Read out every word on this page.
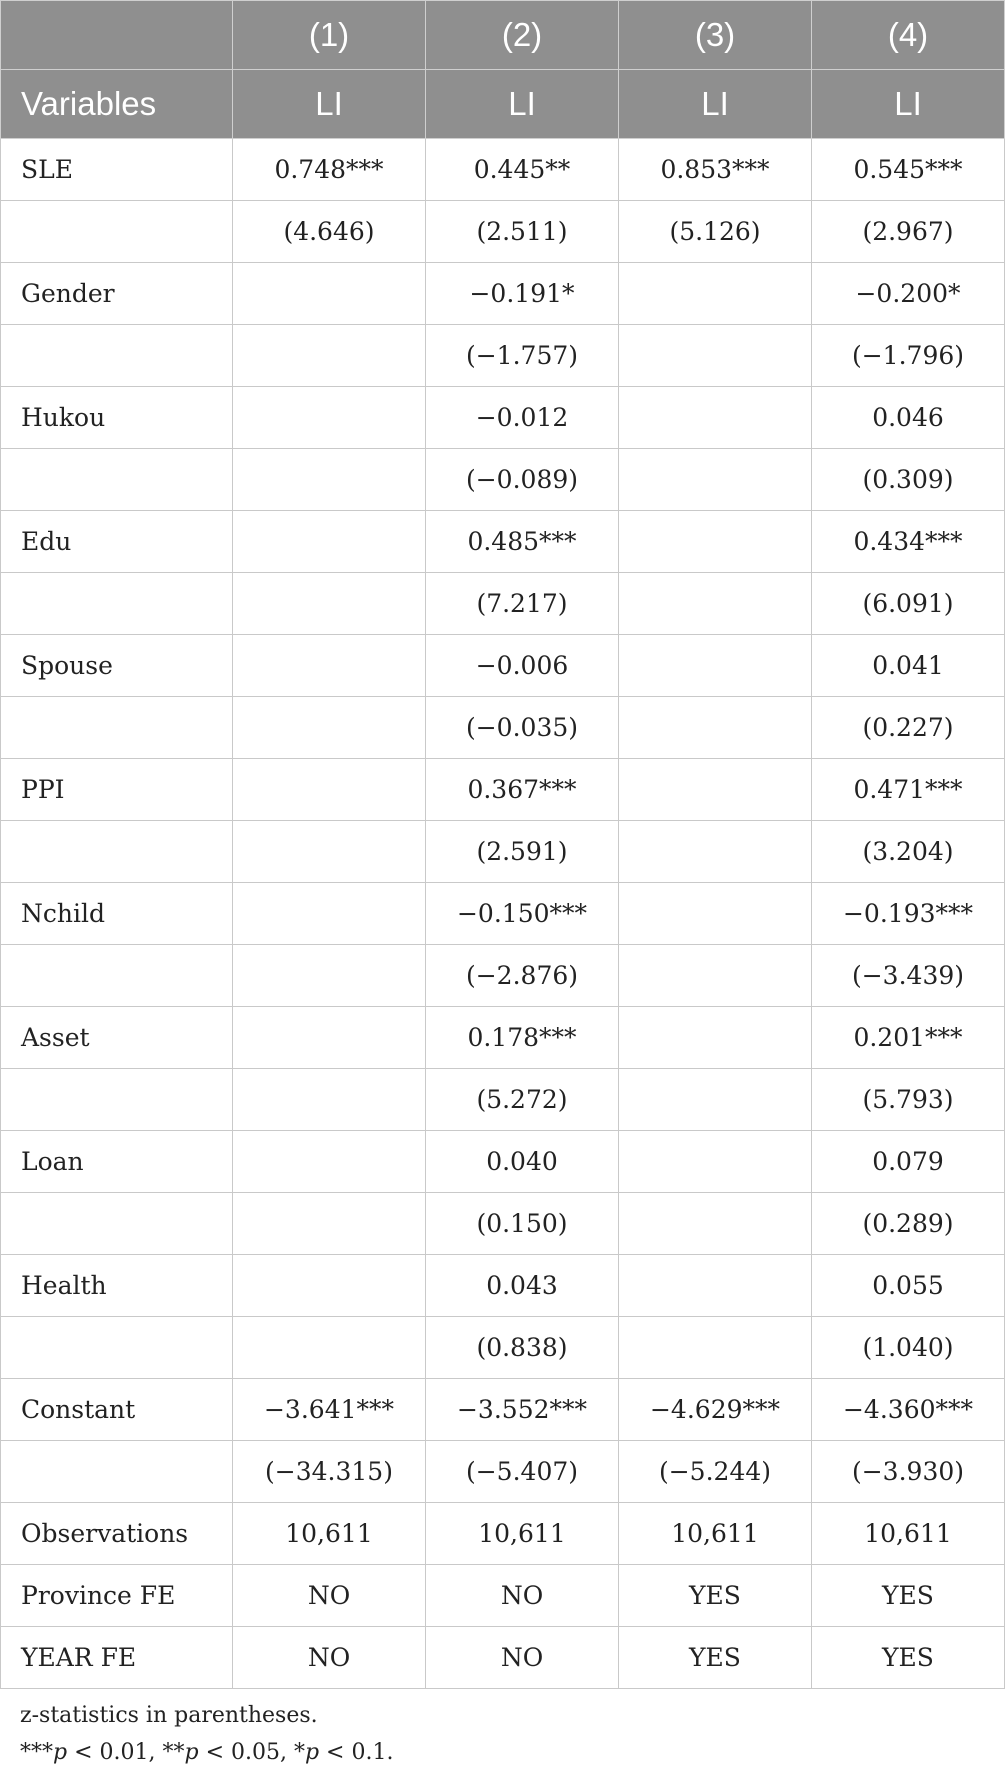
	(1)	(2)	(3)	(4)
Variables	LI	LI	LI	LI
SLE	0.748***	0.445**	0.853***	0.545***
	(4.646)	(2.511)	(5.126)	(2.967)
Gender		−0.191*		−0.200*
		(−1.757)		(−1.796)
Hukou		−0.012		0.046
		(−0.089)		(0.309)
Edu		0.485***		0.434***
		(7.217)		(6.091)
Spouse		−0.006		0.041
		(−0.035)		(0.227)
PPI		0.367***		0.471***
		(2.591)		(3.204)
Nchild		−0.150***		−0.193***
		(−2.876)		(−3.439)
Asset		0.178***		0.201***
		(5.272)		(5.793)
Loan		0.040		0.079
		(0.150)		(0.289)
Health		0.043		0.055
		(0.838)		(1.040)
Constant	−3.641***	−3.552***	−4.629***	−4.360***
	(−34.315)	(−5.407)	(−5.244)	(−3.930)
Observations	10,611	10,611	10,611	10,611
Province FE	NO	NO	YES	YES
YEAR FE	NO	NO	YES	YES
z-statistics in parentheses.
***p < 0.01, **p < 0.05, *p < 0.1.
